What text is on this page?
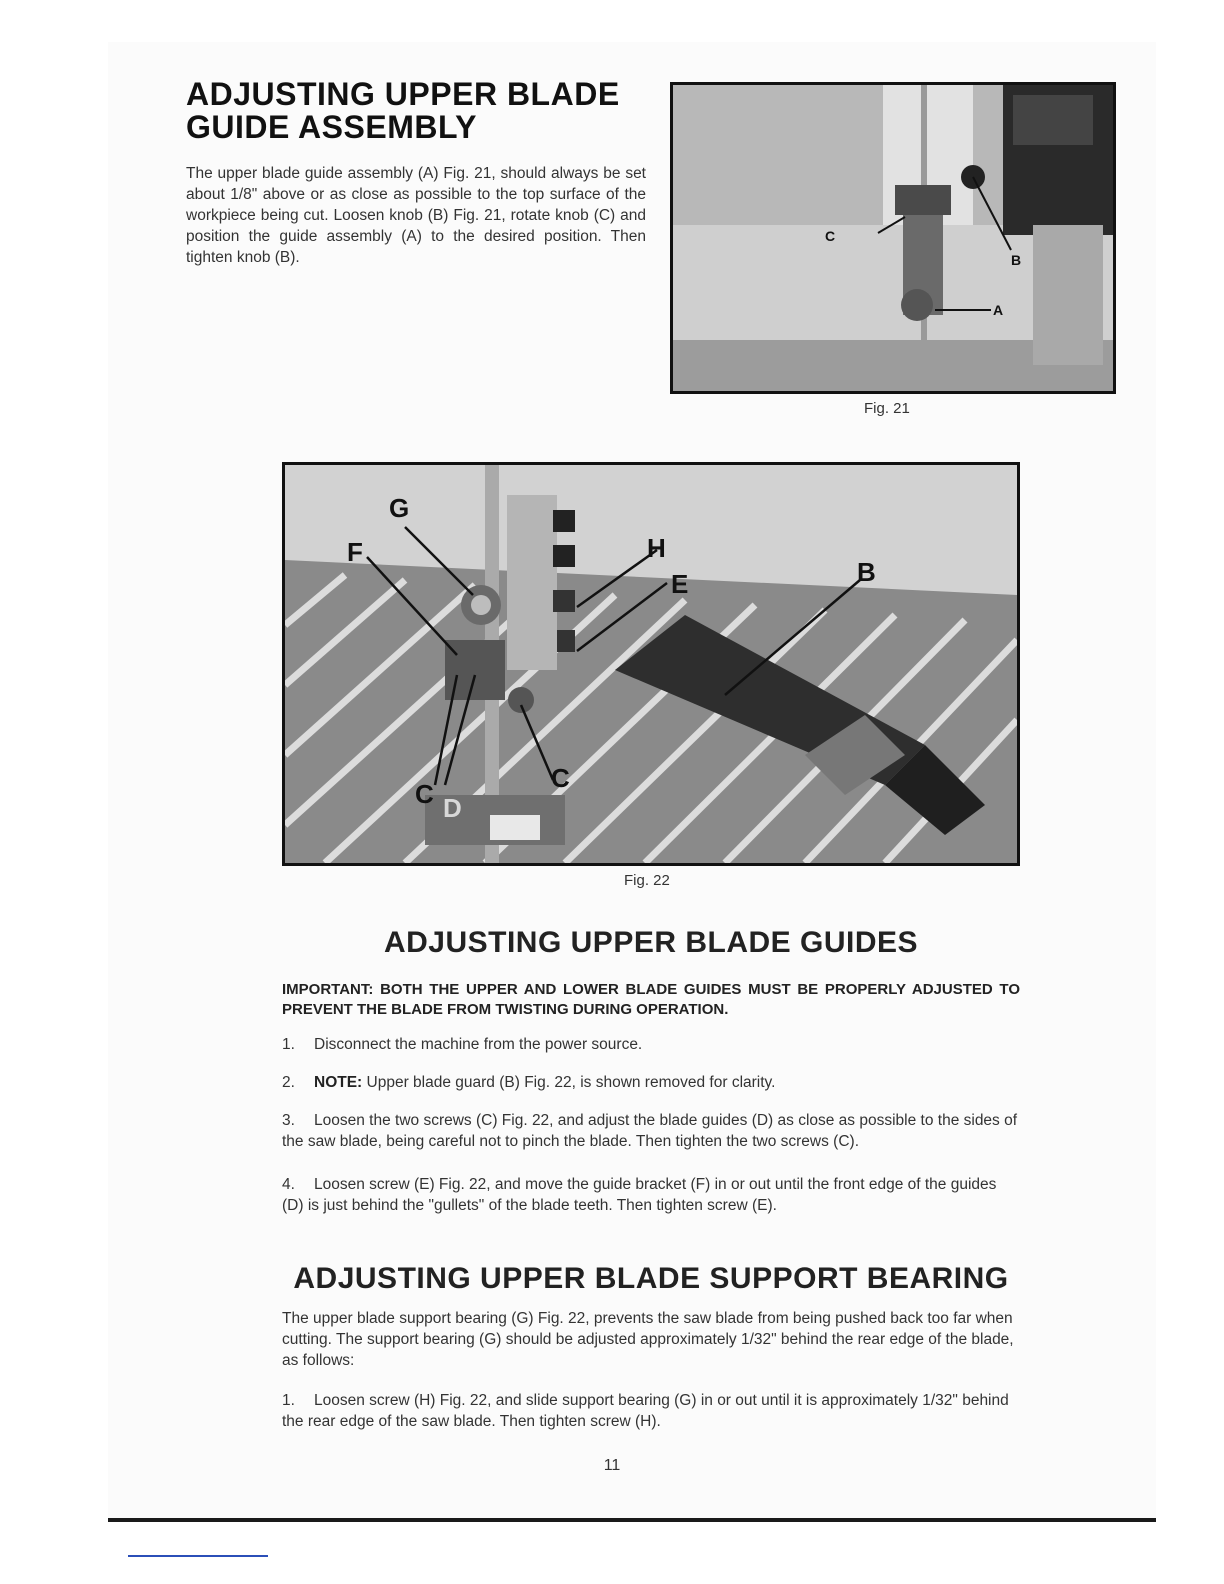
ADJUSTING UPPER BLADE
GUIDE ASSEMBLY

The upper blade guide assembly (A) Fig. 21, should always be set about 1/8" above or as close as possible to the top surface of the workpiece being cut. Loosen knob (B) Fig. 21, rotate knob (C) and position the guide assembly (A) to the desired position. Then tighten knob (B).

C
B
A
Fig. 21
G
F	H
E	B
C D
C
Fig. 22
ADJUSTING UPPER BLADE GUIDES

IMPORTANT: BOTH THE UPPER AND LOWER BLADE GUIDES MUST BE PROPERLY ADJUSTED TO PREVENT THE BLADE FROM TWISTING DURING OPERATION.

1. Disconnect the machine from the power source.

2. NOTE: Upper blade guard (B) Fig. 22, is shown removed for clarity.

3. Loosen the two screws (C) Fig. 22, and adjust the blade guides (D) as close as possible to the sides of the saw blade, being careful not to pinch the blade. Then tighten the two screws (C).

4. Loosen screw (E) Fig. 22, and move the guide bracket (F) in or out until the front edge of the guides (D) is just behind the "gullets" of the blade teeth. Then tighten screw (E).

ADJUSTING UPPER BLADE SUPPORT BEARING

The upper blade support bearing (G) Fig. 22, prevents the saw blade from being pushed back too far when cutting. The support bearing (G) should be adjusted approximately 1/32" behind the rear edge of the blade, as follows:

1. Loosen screw (H) Fig. 22, and slide support bearing (G) in or out until it is approximately 1/32" behind the rear edge of the saw blade. Then tighten screw (H).

11
